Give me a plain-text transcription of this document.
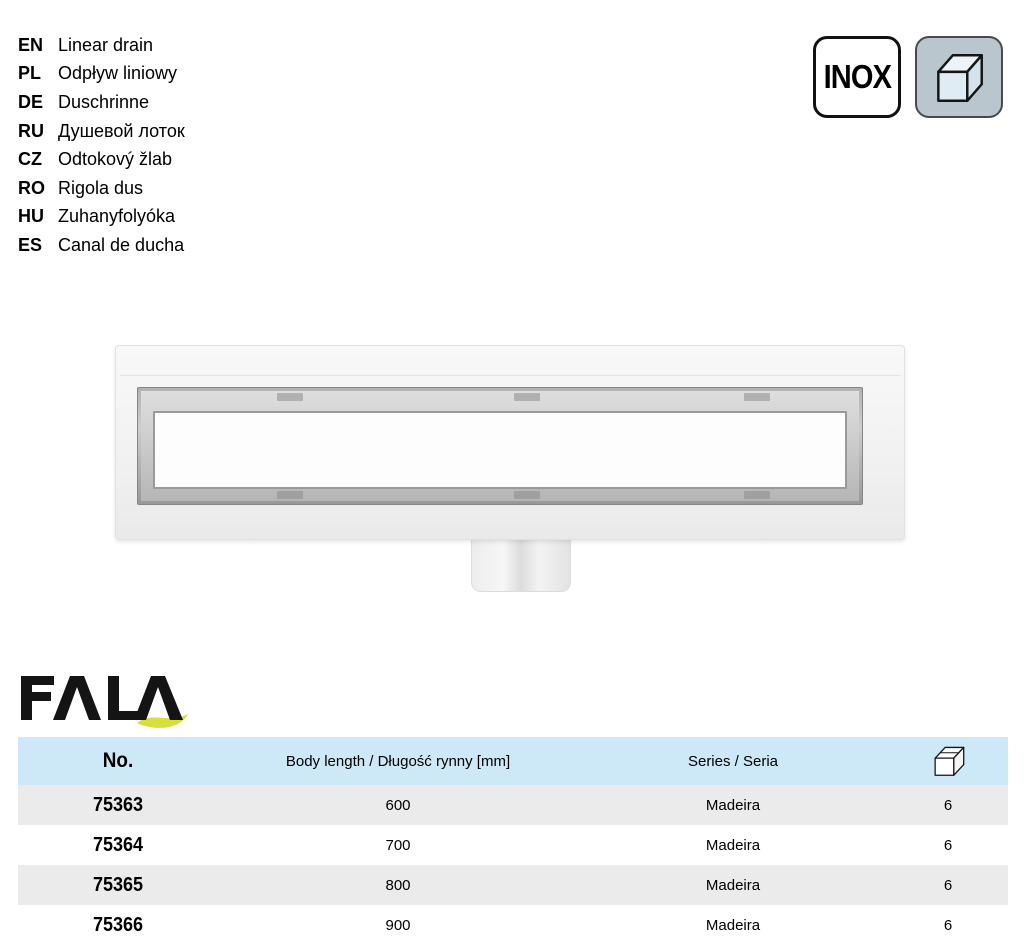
EN Linear drain
PL Odpływ liniowy
DE Duschrinne
RU Душевой лоток
CZ Odtokový žlab
RO Rigola dus
HU Zuhanyfolyóka
ES Canal de ducha
INOX
No.	Body length / Długość rynny [mm]	Series / Seria
75363	600	Madeira	6
75364	700	Madeira	6
75365	800	Madeira	6
75366	900	Madeira	6
